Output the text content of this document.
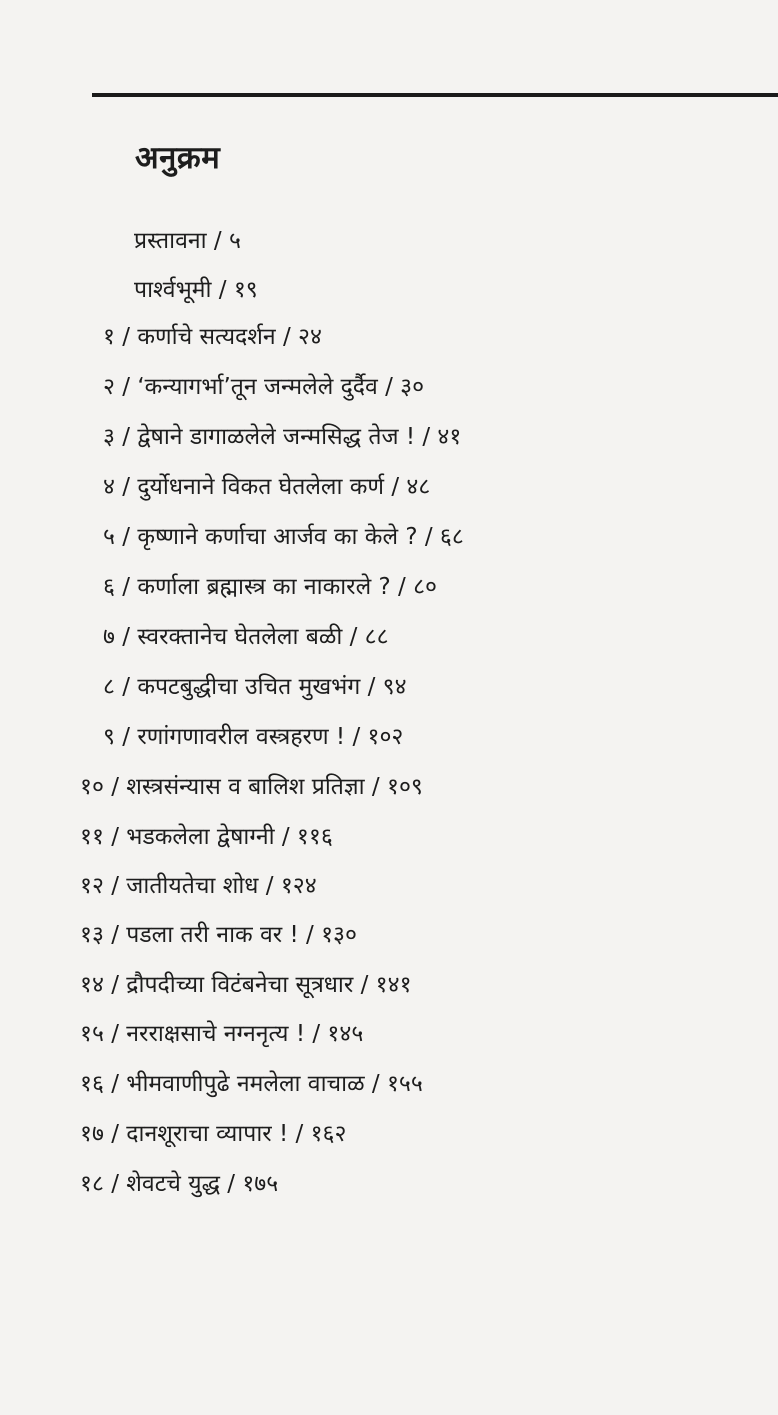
अनुक्रम
प्रस्तावना / ५
पार्श्वभूमी / १९
१ / कर्णाचे सत्यदर्शन / २४
२ / ‘कन्यागर्भा’तून जन्मलेले दुर्दैव / ३०
३ / द्वेषाने डागाळलेले जन्मसिद्ध तेज ! / ४१
४ / दुर्योधनाने विकत घेतलेला कर्ण / ४८
५ / कृष्णाने कर्णाचा आर्जव का केले ? / ६८
६ / कर्णाला ब्रह्मास्त्र का नाकारले ? / ८०
७ / स्वरक्तानेच घेतलेला बळी / ८८
८ / कपटबुद्धीचा उचित मुखभंग / ९४
९ / रणांगणावरील वस्त्रहरण ! / १०२
१० / शस्त्रसंन्यास व बालिश प्रतिज्ञा / १०९
११ / भडकलेला द्वेषाग्नी / ११६
१२ / जातीयतेचा शोध / १२४
१३ / पडला तरी नाक वर ! / १३०
१४ / द्रौपदीच्या विटंबनेचा सूत्रधार / १४१
१५ / नरराक्षसाचे नग्ननृत्य ! / १४५
१६ / भीमवाणीपुढे नमलेला वाचाळ / १५५
१७ / दानशूराचा व्यापार ! / १६२
१८ / शेवटचे युद्ध / १७५
